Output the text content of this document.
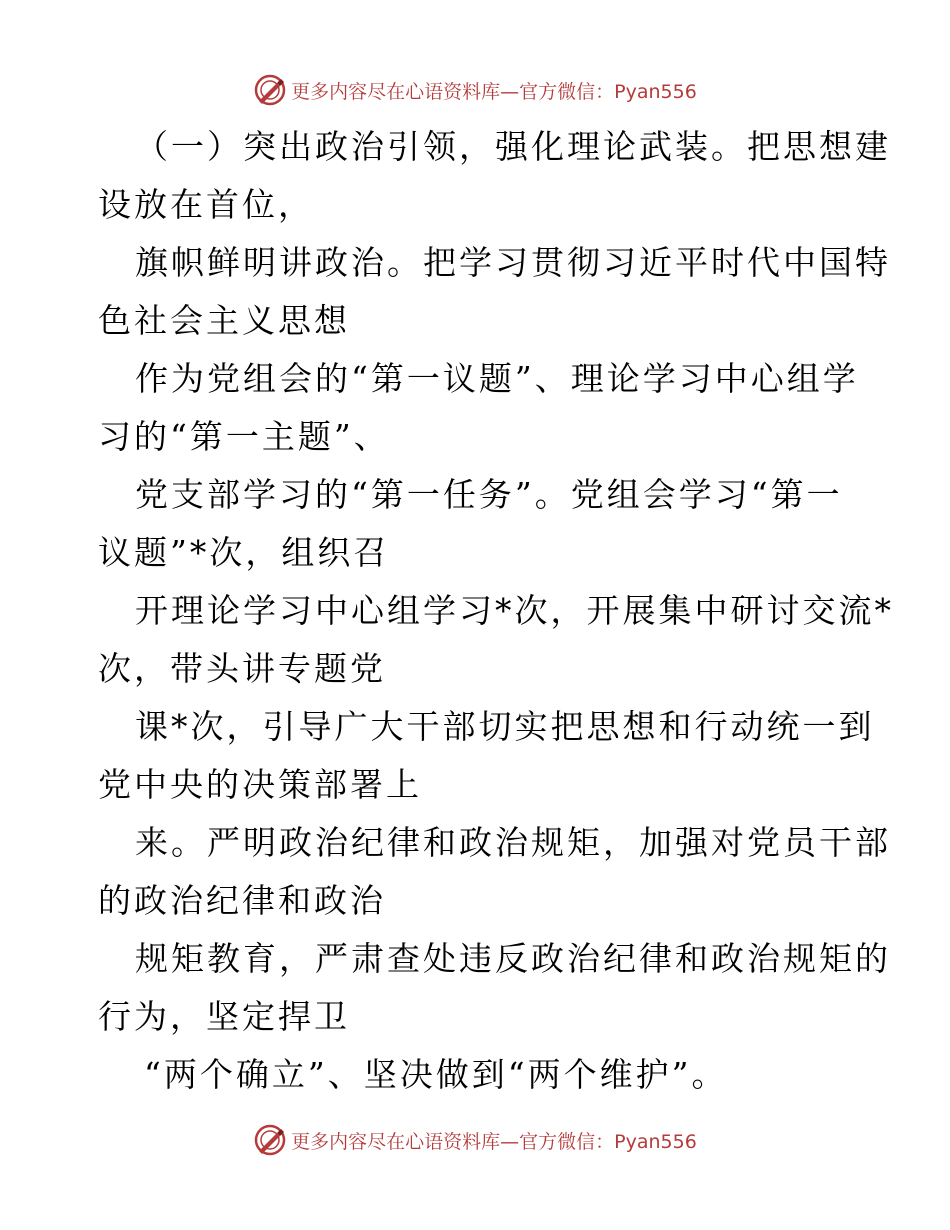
更多内容尽在心语资料库—官方微信：Pyan556
（一）突出政治引领，强化理论武装。把思想建
设放在首位，
旗帜鲜明讲政治。把学习贯彻习近平时代中国特
色社会主义思想
作为党组会的“第一议题”、理论学习中心组学
习的“第一主题”、
党支部学习的“第一任务”。党组会学习“第一
议题”*次，组织召
开理论学习中心组学习*次，开展集中研讨交流*
次，带头讲专题党
课*次，引导广大干部切实把思想和行动统一到
党中央的决策部署上
来。严明政治纪律和政治规矩，加强对党员干部
的政治纪律和政治
规矩教育，严肃查处违反政治纪律和政治规矩的
行为，坚定捍卫
“两个确立”、坚决做到“两个维护”。
更多内容尽在心语资料库—官方微信：Pyan556
